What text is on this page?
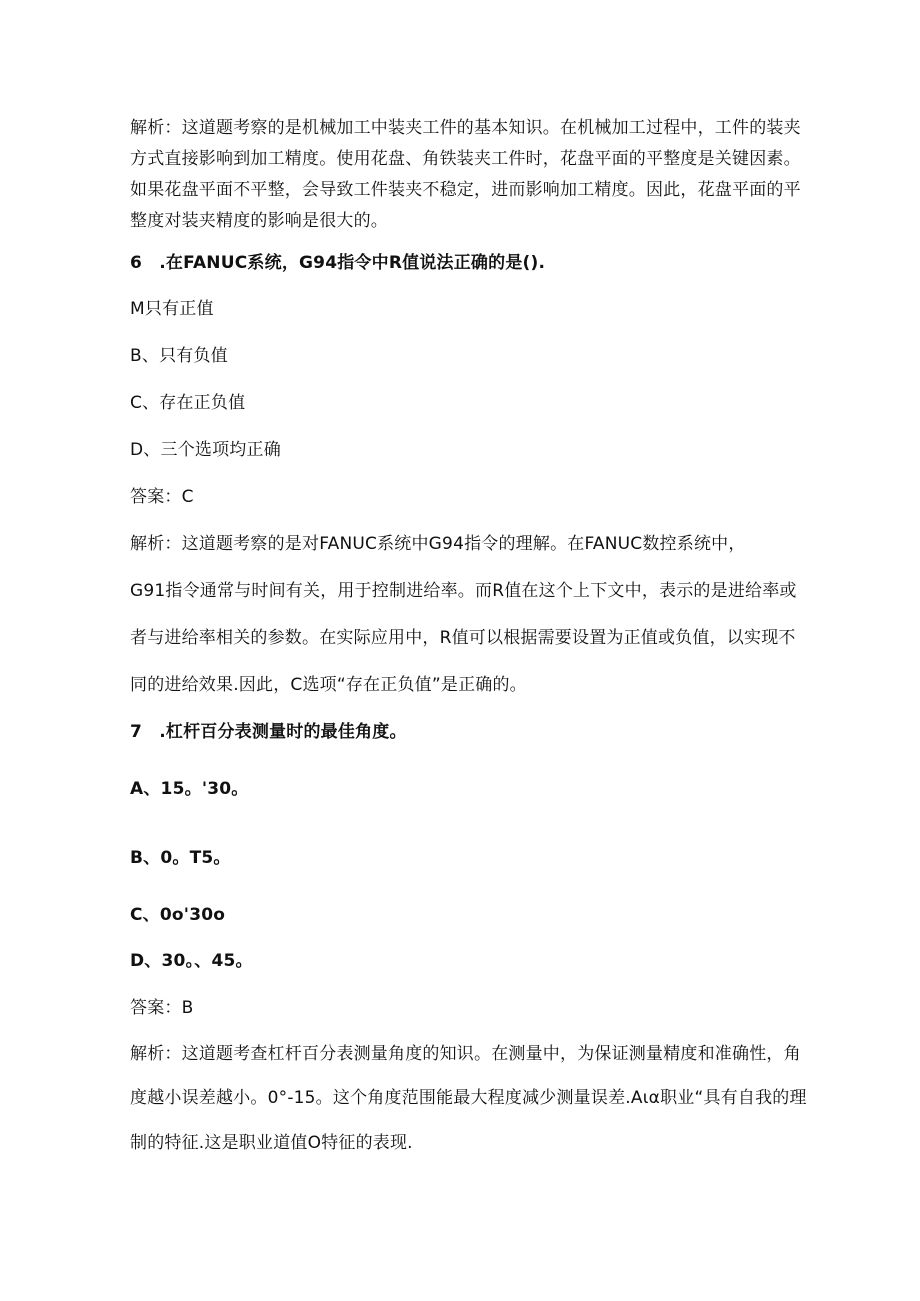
解析：这道题考察的是机械加工中装夹工件的基本知识。在机械加工过程中，工件的装夹
方式直接影响到加工精度。使用花盘、角铁装夹工件时，花盘平面的平整度是关键因素。
如果花盘平面不平整，会导致工件装夹不稳定，进而影响加工精度。因此，花盘平面的平
整度对装夹精度的影响是很大的。
6　.在FANUC系统，G94指令中R值说法正确的是().
M只有正值
B、只有负值
C、存在正负值
D、三个选项均正确
答案：C
解析：这道题考察的是对FANUC系统中G94指令的理解。在FANUC数控系统中，
G91指令通常与时间有关，用于控制进给率。而R值在这个上下文中，表示的是进给率或
者与进给率相关的参数。在实际应用中，R值可以根据需要设置为正值或负值，以实现不
同的进给效果.因此，C选项“存在正负值”是正确的。
7　.杠杆百分表测量时的最佳角度。
A、15。'30。
B、0。T5。
C、0o'30o
D、30。、45。
答案：B
解析：这道题考查杠杆百分表测量角度的知识。在测量中，为保证测量精度和准确性，角
度越小误差越小。0°-15。这个角度范围能最大程度减少测量误差.Aια职业“具有自我的理
制的特征.这是职业道值O特征的表现.
